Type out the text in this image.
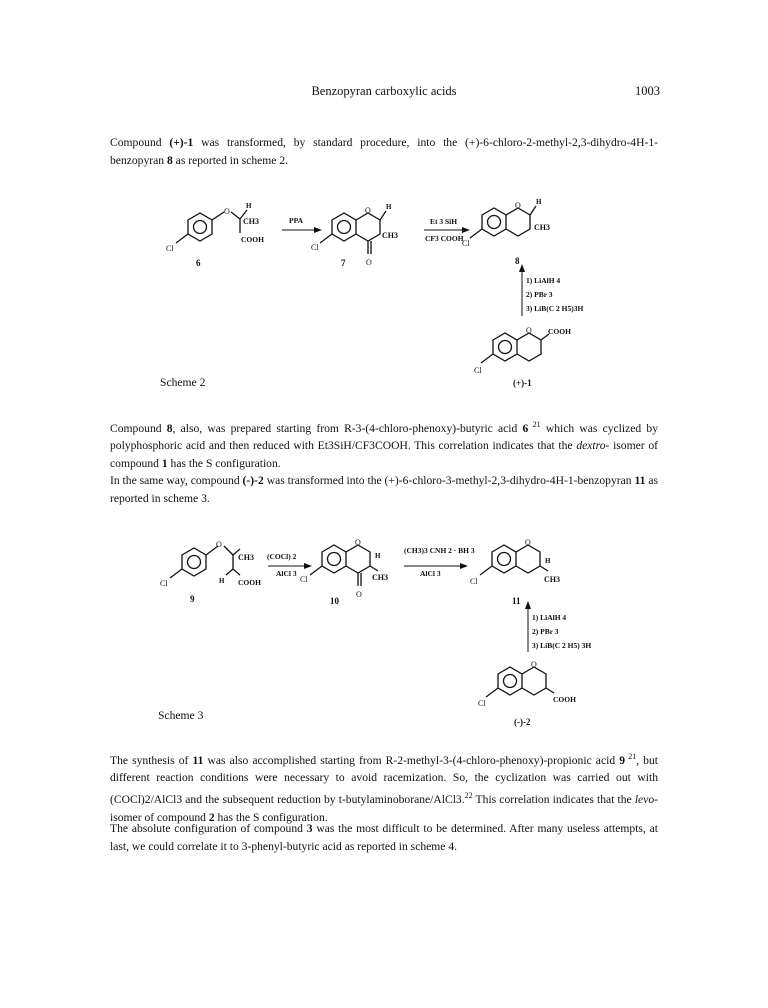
Benzopyran carboxylic acids	1003

Compound (+)-1 was transformed, by standard procedure, into the (+)-6-chloro-2-methyl-2,3-dihydro-4H-1-benzopyran 8 as reported in scheme 2.

Cl
O
H
CH3
COOH
6
PPA
Cl
O H
CH3
O
7
Et 3 SiH
CF3 COOH
Cl
O H
CH3
8
1) LiAlH 4
2) PBr 3
3) LiB(C 2 H5)3H
Cl
O COOH
(+)-1
Scheme 2

Compound 8, also, was prepared starting from R-3-(4-chloro-phenoxy)-butyric acid 6 $^{21}$ which was cyclized by polyphosphoric acid and then reduced with Et3SiH/CF3COOH. This correlation indicates that the dextro- isomer of compound 1 has the S configuration.

In the same way, compound (-)-2 was transformed into the (+)-6-chloro-3-methyl-2,3-dihydro-4H-1-benzopyran 11 as reported in scheme 3.

Cl
O
CH3
H COOH
9
(COCl) 2
AlCl 3
Cl
O
H
CH3
O
10
(CH3)3 CNH 2 · BH 3
AlCl 3
Cl
O
H
CH3
11
1) LiAlH 4
2) PBr 3
3) LiB(C 2 H5) 3H
Cl
O
COOH
(-)-2
Scheme 3

The synthesis of 11 was also accomplished starting from R-2-methyl-3-(4-chloro-phenoxy)-propionic acid 9 $^{21}$, but different reaction conditions were necessary to avoid racemization. So, the cyclization was carried out with (COCl)2/AlCl3 and the subsequent reduction by t-butylaminoborane/AlCl3.22 This correlation indicates that the levo-isomer of compound 2 has the S configuration.

The absolute configuration of compound 3 was the most difficult to be determined. After many useless attempts, at last, we could correlate it to 3-phenyl-butyric acid as reported in scheme 4.
